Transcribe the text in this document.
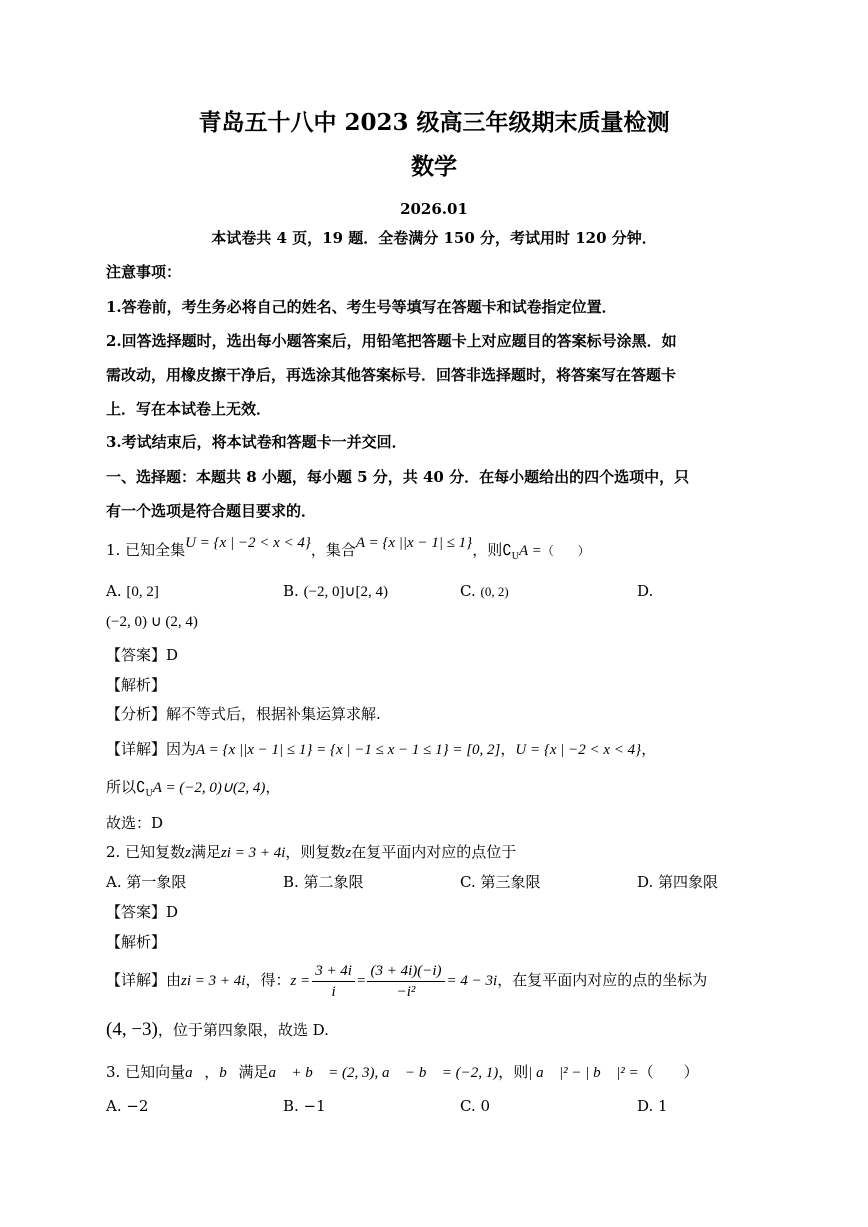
青岛五十八中 2023 级高三年级期末质量检测
数学
2026.01
本试卷共 4 页，19 题．全卷满分 150 分，考试用时 120 分钟．
注意事项：
1.答卷前，考生务必将自己的姓名、考生号等填写在答题卡和试卷指定位置．
2.回答选择题时，选出每小题答案后，用铅笔把答题卡上对应题目的答案标号涂黑．如
需改动，用橡皮擦干净后，再选涂其他答案标号．回答非选择题时，将答案写在答题卡
上．写在本试卷上无效．
3.考试结束后，将本试卷和答题卡一并交回．
一、选择题：本题共 8 小题，每小题 5 分，共 40 分．在每小题给出的四个选项中，只
有一个选项是符合题目要求的．
1. 已知全集U = {x | −2 < x < 4}，集合A = {x ||x − 1| ≤ 1}，则$∁_UA$ =（　　）
A. [0, 2]	B. (−2, 0]∪[2, 4)	C. (0, 2)	D.
(−2, 0) ∪ (2, 4)
【答案】D
【解析】
【分析】解不等式后，根据补集运算求解.
【详解】因为A = {x ||x − 1| ≤ 1} = {x | −1 ≤ x − 1 ≤ 1} = [0, 2]，U = {x | −2 < x < 4}，
所以$∁_UA = (-2$, 0)∪(2, 4)，
故选：D
2. 已知复数z满足zi = 3 + 4i，则复数z在复平面内对应的点位于
A. 第一象限	B. 第二象限	C. 第三象限	D. 第四象限
【答案】D
【解析】
【详解】由zi = 3 + 4i，得：$z = \frac{3 + 4i}{i} = \frac{(3 + 4i)(-i)}{\text{−i²}} = 4 - 3i$，在复平面内对应的点的坐标为
(4, −3)，位于第四象限，故选 D.
3. 已知向量a⃗，b⃗满足a⃗ + b⃗ = (2, 3), a⃗ − b⃗ = (−2, 1)，则| a⃗ |² − | b⃗ |² =（　　）
A. −2	B. −1	C. 0	D. 1
